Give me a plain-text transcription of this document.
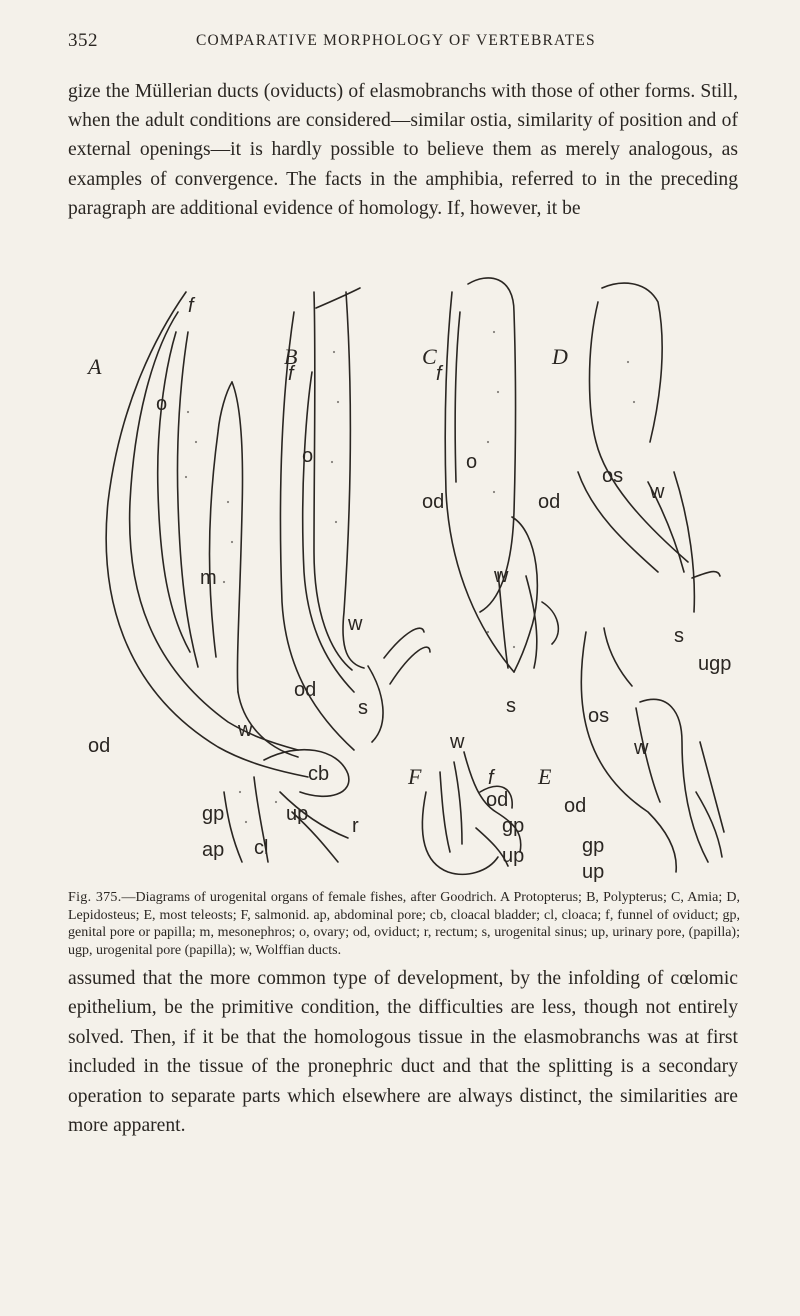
352	COMPARATIVE MORPHOLOGY OF VERTEBRATES

gize the Müllerian ducts (oviducts) of elasmobranchs with those of other forms. Still, when the adult conditions are considered—similar ostia, similarity of position and of external openings—it is hardly possible to believe them as merely analogous, as examples of convergence. The facts in the amphibia, referred to in the preceding paragraph are additional evidence of homology. If, however, it be

A	B	C	D
E
F
f
f	f
f
o
o	o
m
od
od
od	od
od
od
w
w
w
w
w
w
cb
gp
gp
gp
up
up
up
ap cl
r
s	s
s
os
os
ugp

Fig. 375.—Diagrams of urogenital organs of female fishes, after Goodrich. A Protopterus; B, Polypterus; C, Amia; D, Lepidosteus; E, most teleosts; F, salmonid. ap, abdominal pore; cb, cloacal bladder; cl, cloaca; f, funnel of oviduct; gp, genital pore or papilla; m, mesonephros; o, ovary; od, oviduct; r, rectum; s, urogenital sinus; up, urinary pore, (papilla); ugp, urogenital pore (papilla); w, Wolffian ducts.

assumed that the more common type of development, by the infolding of cœlomic epithelium, be the primitive condition, the difficulties are less, though not entirely solved. Then, if it be that the homologous tissue in the elasmobranchs was at first included in the tissue of the pronephric duct and that the splitting is a secondary operation to separate parts which elsewhere are always distinct, the similarities are more apparent.
